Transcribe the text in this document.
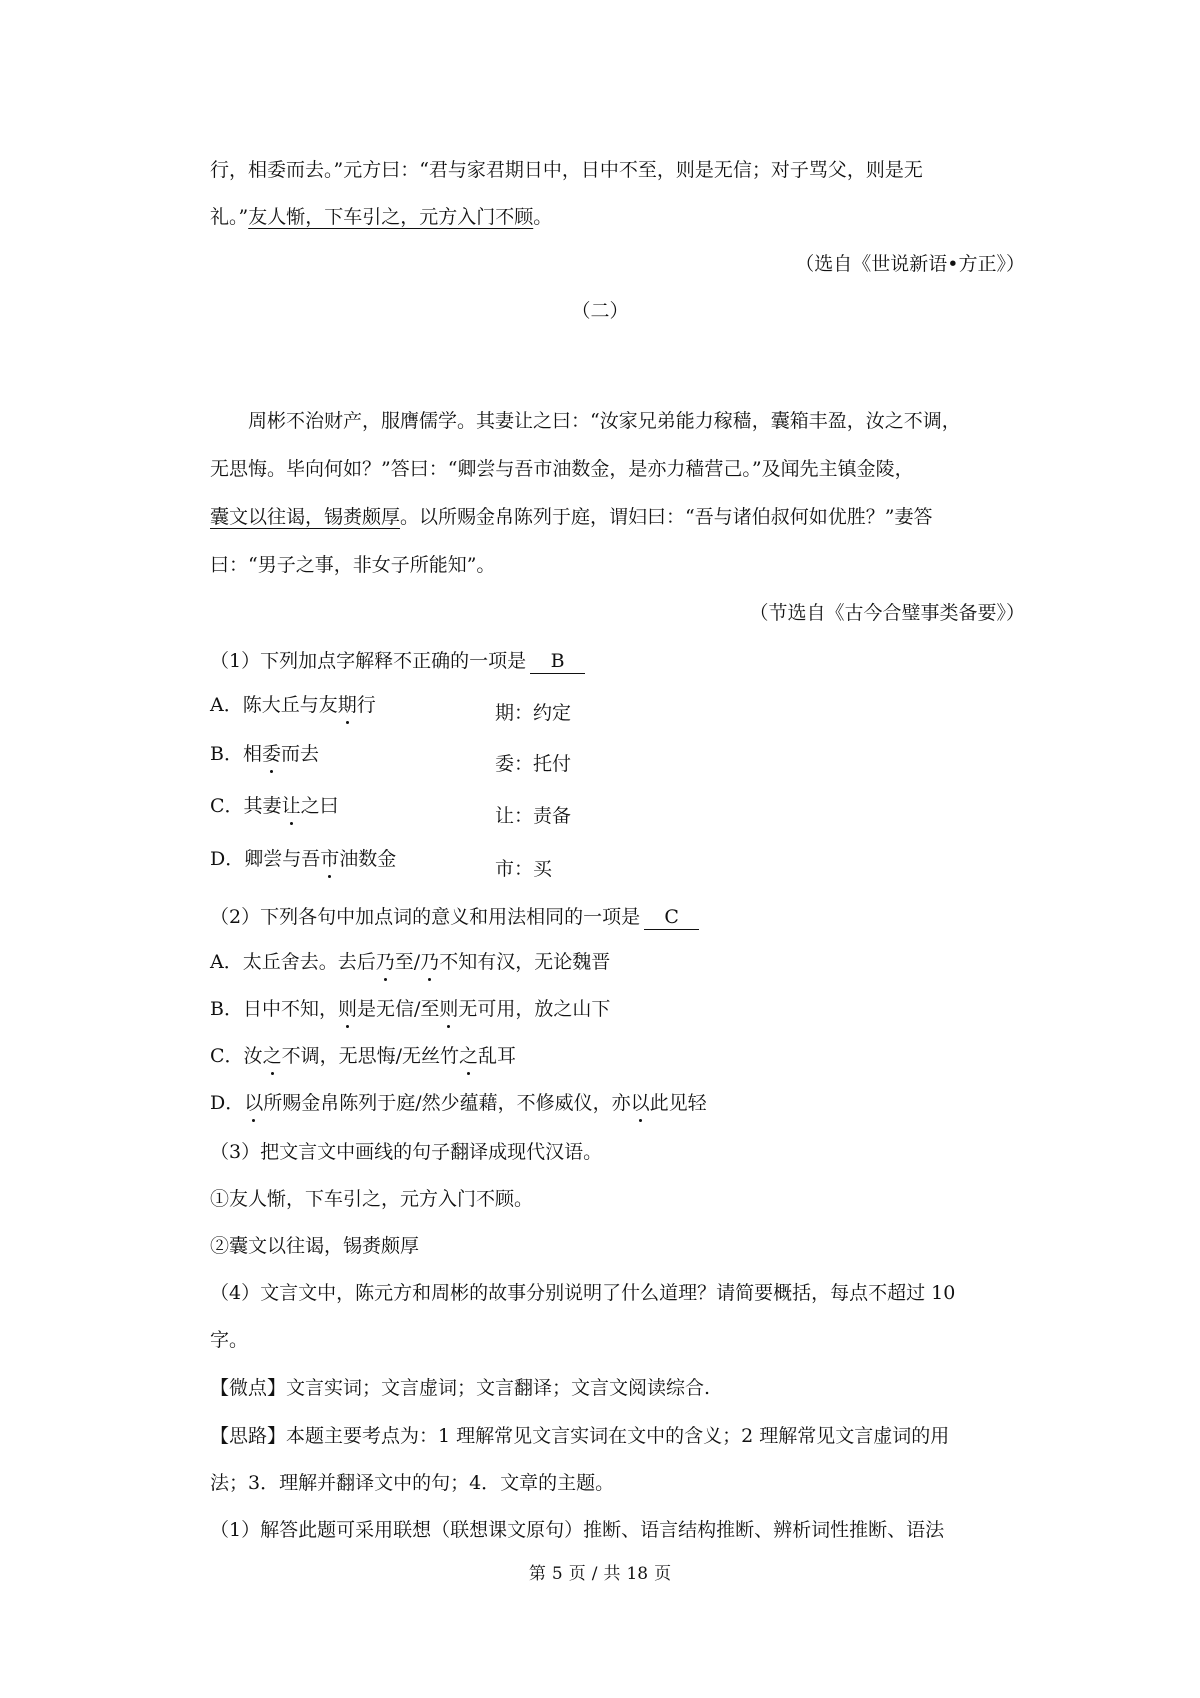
行，相委而去。”元方曰：“君与家君期日中，日中不至，则是无信；对子骂父，则是无
礼。”友人惭，下车引之，元方入门不顾。
（选自《世说新语•方正》）
（二）
周彬不治财产，服膺儒学。其妻让之曰：“汝家兄弟能力稼穑，囊箱丰盈，汝之不调，
无思悔。毕向何如？”答曰：“卿尝与吾市油数金，是亦力穑营己。”及闻先主镇金陵，
囊文以往谒，锡赉颇厚。以所赐金帛陈列于庭，谓妇曰：“吾与诸伯叔何如优胜？”妻答
曰：“男子之事，非女子所能知”。
（节选自《古今合璧事类备要》）
（1）下列加点字解释不正确的一项是 B
A．陈大丘与友期行	期：约定
B．相委而去	委：托付
C．其妻让之曰	让：责备
D．卿尝与吾市油数金	市：买
（2）下列各句中加点词的意义和用法相同的一项是 C
A．太丘舍去。去后乃至/乃不知有汉，无论魏晋
B．日中不知，则是无信/至则无可用，放之山下
C．汝之不调，无思悔/无丝竹之乱耳
D．以所赐金帛陈列于庭/然少蕴藉，不修威仪，亦以此见轻
（3）把文言文中画线的句子翻译成现代汉语。
①友人惭，下车引之，元方入门不顾。
②囊文以往谒，锡赉颇厚
（4）文言文中，陈元方和周彬的故事分别说明了什么道理？请简要概括，每点不超过 10
字。
【微点】文言实词；文言虚词；文言翻译；文言文阅读综合.
【思路】本题主要考点为：1 理解常见文言实词在文中的含义；2 理解常见文言虚词的用
法；3．理解并翻译文中的句；4．文章的主题。
（1）解答此题可采用联想（联想课文原句）推断、语言结构推断、辨析词性推断、语法
第 5 页 / 共 18 页
